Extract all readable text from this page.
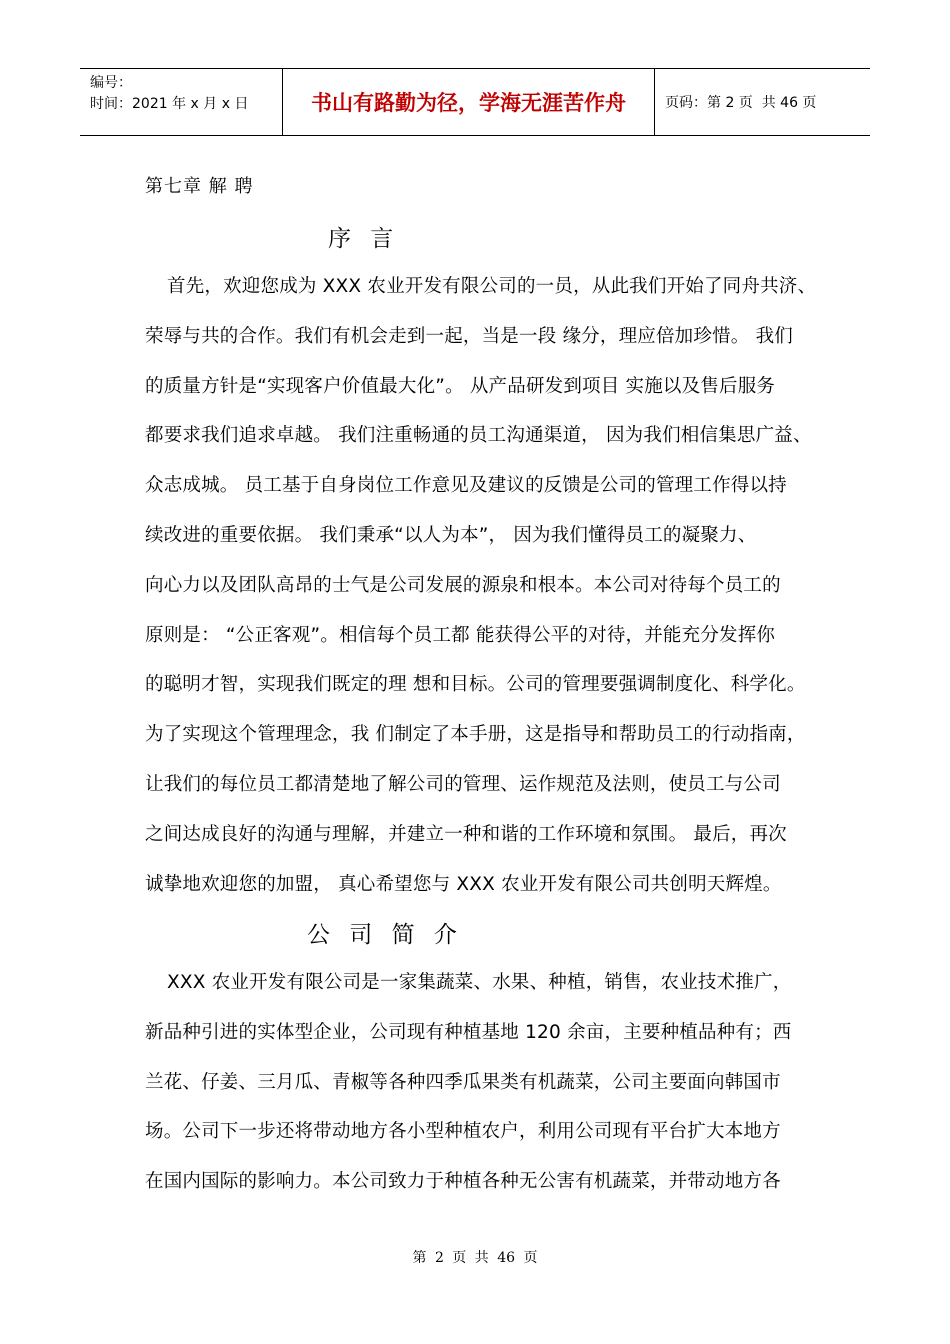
编号：
时间：2021 年 x 月 x 日	书山有路勤为径，学海无涯苦作舟	页码：第 2 页  共 46 页
第七章 解 聘
序 言
首先，欢迎您成为 XXX 农业开发有限公司的一员，从此我们开始了同舟共济、
荣辱与共的合作。我们有机会走到一起，当是一段 缘分，理应倍加珍惜。 我们
的质量方针是“实现客户价值最大化”。 从产品研发到项目 实施以及售后服务
都要求我们追求卓越。 我们注重畅通的员工沟通渠道， 因为我们相信集思广益、
众志成城。 员工基于自身岗位工作意见及建议的反馈是公司的管理工作得以持
续改进的重要依据。 我们秉承“以人为本”， 因为我们懂得员工的凝聚力、
向心力以及团队高昂的士气是公司发展的源泉和根本。本公司对待每个员工的
原则是： “公正客观”。相信每个员工都 能获得公平的对待，并能充分发挥你
的聪明才智，实现我们既定的理 想和目标。公司的管理要强调制度化、科学化。
为了实现这个管理理念，我 们制定了本手册，这是指导和帮助员工的行动指南，
让我们的每位员工都清楚地了解公司的管理、运作规范及法则，使员工与公司
之间达成良好的沟通与理解，并建立一种和谐的工作环境和氛围。 最后，再次
诚挚地欢迎您的加盟， 真心希望您与 XXX 农业开发有限公司共创明天辉煌。
公 司 简 介
XXX 农业开发有限公司是一家集蔬菜、水果、种植，销售，农业技术推广，
新品种引进的实体型企业，公司现有种植基地 120 余亩，主要种植品种有；西
兰花、仔姜、三月瓜、青椒等各种四季瓜果类有机蔬菜，公司主要面向韩国市
场。公司下一步还将带动地方各小型种植农户，利用公司现有平台扩大本地方
在国内国际的影响力。本公司致力于种植各种无公害有机蔬菜，并带动地方各
第 2 页 共 46 页
